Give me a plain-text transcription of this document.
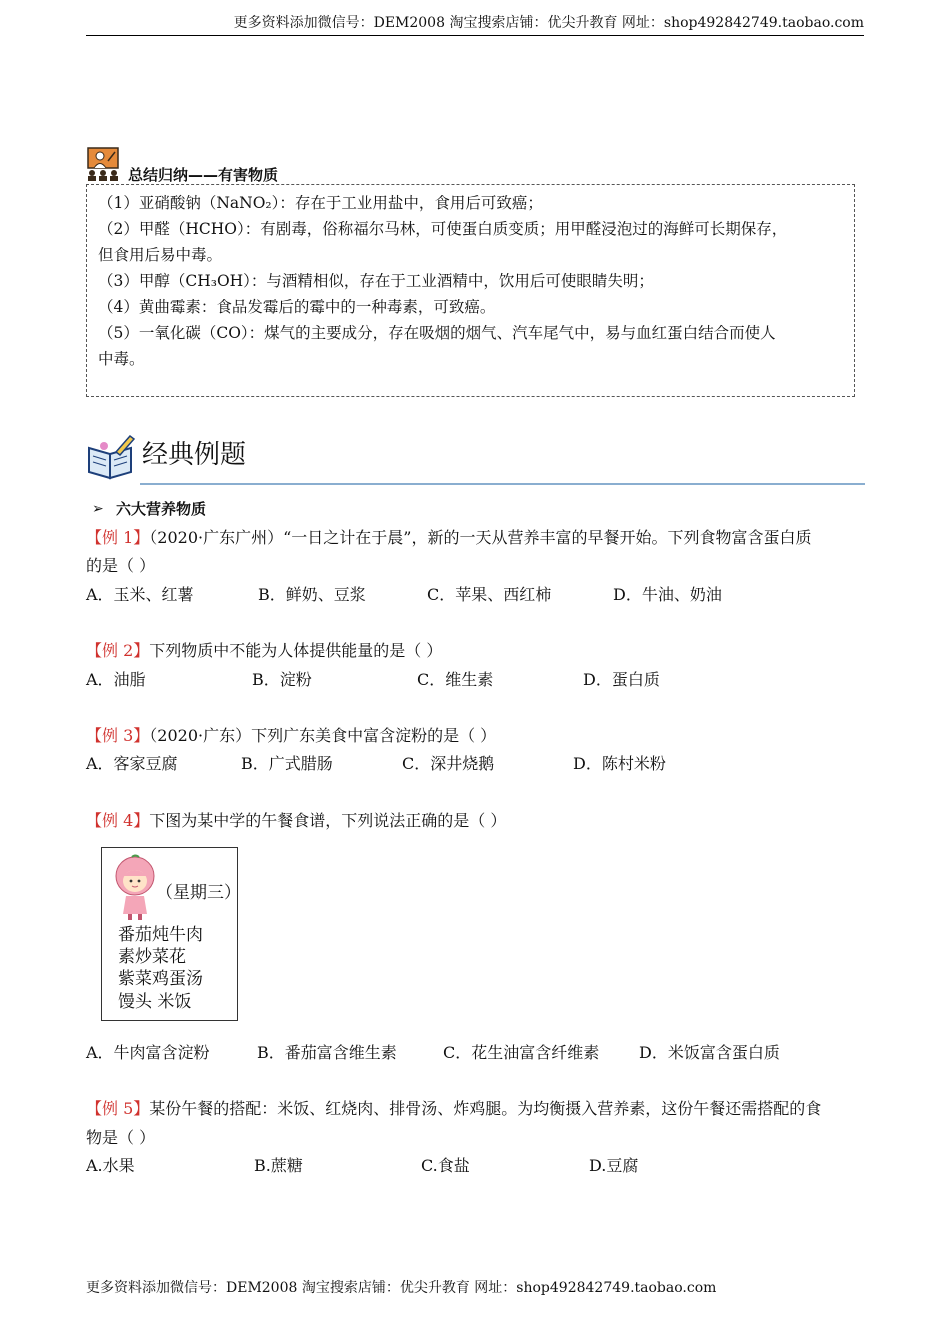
更多资料添加微信号：DEM2008 淘宝搜索店铺：优尖升教育 网址：shop492842749.taobao.com
总结归纳——有害物质
（1）亚硝酸钠（NaNO₂）：存在于工业用盐中，食用后可致癌；
（2）甲醛（HCHO）：有剧毒，俗称福尔马林，可使蛋白质变质；用甲醛浸泡过的海鲜可长期保存，
但食用后易中毒。
（3）甲醇（CH₃OH）：与酒精相似，存在于工业酒精中，饮用后可使眼睛失明；
（4）黄曲霉素：食品发霉后的霉中的一种毒素，可致癌。
（5）一氧化碳（CO）：煤气的主要成分，存在吸烟的烟气、汽车尾气中，易与血红蛋白结合而使人
中毒。
经典例题
➢ 六大营养物质
【例 1】（2020·广东广州）“一日之计在于晨”，新的一天从营养丰富的早餐开始。下列食物富含蛋白质
的是（ ）
A．玉米、红薯	B．鲜奶、豆浆	C．苹果、西红柿	D．牛油、奶油
【例 2】下列物质中不能为人体提供能量的是（ ）
A．油脂	B．淀粉	C．维生素	D．蛋白质
【例 3】（2020·广东）下列广东美食中富含淀粉的是（ ）
A．客家豆腐	B．广式腊肠	C．深井烧鹅	D．陈村米粉
【例 4】下图为某中学的午餐食谱，下列说法正确的是（ ）
（星期三）
番茄炖牛肉
素炒菜花
紫菜鸡蛋汤
馒头 米饭
A．牛肉富含淀粉	B．番茄富含维生素	C．花生油富含纤维素 D．米饭富含蛋白质
【例 5】某份午餐的搭配：米饭、红烧肉、排骨汤、炸鸡腿。为均衡摄入营养素，这份午餐还需搭配的食
物是（ ）
A.水果	B.蔗糖	C.食盐	D.豆腐
更多资料添加微信号：DEM2008 淘宝搜索店铺：优尖升教育 网址：shop492842749.taobao.com
